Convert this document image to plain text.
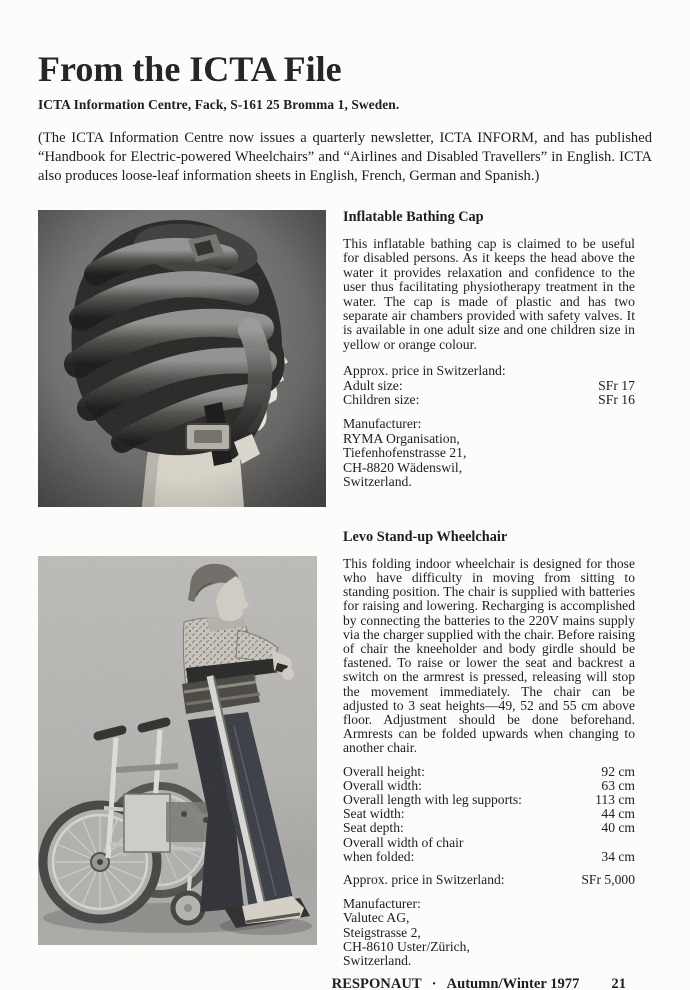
From the ICTA File
ICTA Information Centre, Fack, S-161 25 Bromma 1, Sweden.

(The ICTA Information Centre now issues a quarterly newsletter, ICTA INFORM, and has published “Handbook for Electric-powered Wheelchairs” and “Airlines and Disabled Travellers” in English. ICTA also produces loose-leaf information sheets in English, French, German and Spanish.)

Inflatable Bathing Cap

This inflatable bathing cap is claimed to be useful for disabled persons. As it keeps the head above the water it provides relaxation and confidence to the user thus facilitating physiotherapy treatment in the water. The cap is made of plastic and has two separate air chambers provided with safety valves. It is available in one adult size and one children size in yellow or orange colour.

Approx. price in Switzerland:
Adult size:	SFr 17
Children size:	SFr 16
Manufacturer:
RYMA Organisation,
Tiefenhofenstrasse 21,
CH-8820 Wädenswil,
Switzerland.
Levo Stand-up Wheelchair

This folding indoor wheelchair is designed for those who have difficulty in moving from sitting to standing position. The chair is supplied with batteries for raising and lowering. Recharging is accomplished by connecting the batteries to the 220V mains supply via the charger supplied with the chair. Before raising of chair the kneeholder and body girdle should be fastened. To raise or lower the seat and backrest a switch on the armrest is pressed, releasing will stop the movement immediately. The chair can be adjusted to 3 seat heights—49, 52 and 55 cm above floor. Adjustment should be done beforehand. Armrests can be folded upwards when changing to another chair.

Overall height:	92 cm
Overall width:	63 cm
Overall length with leg supports:	113 cm
Seat width:	44 cm
Seat depth:	40 cm
Overall width of chair
when folded:	34 cm
Approx. price in Switzerland:	SFr 5,000
Manufacturer:
Valutec AG,
Steigstrasse 2,
CH-8610 Uster/Zürich,
Switzerland.
RESPONAUT · Autumn/Winter 1977 21
